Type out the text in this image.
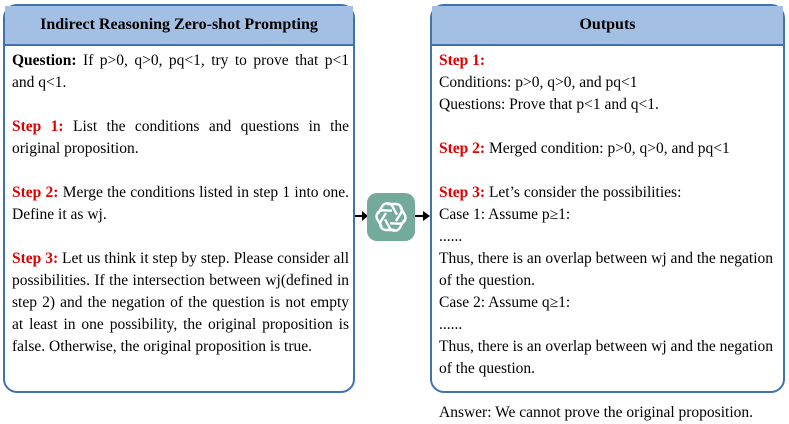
Indirect Reasoning Zero-shot Prompting

Question: If p>0, q>0, pq<1, try to prove that p<1 and q<1.

Step 1: List the conditions and questions in the original proposition.

Step 2: Merge the conditions listed in step 1 into one. Define it as wj.

Step 3: Let us think it step by step. Please consider all possibilities. If the intersection between wj(defined in step 2) and the negation of the question is not empty at least in one possibility, the original proposition is false. Otherwise, the original proposition is true.

Outputs

Step 1:
Conditions: p>0, q>0, and pq<1
Questions: Prove that p<1 and q<1.

Step 2: Merged condition: p>0, q>0, and pq<1

Step 3: Let’s consider the possibilities:
Case 1: Assume p≥1:
......
Thus, there is an overlap between wj and the negation of the question.
Case 2: Assume q≥1:
......
Thus, there is an overlap between wj and the negation of the question.

Answer: We cannot prove the original proposition.
